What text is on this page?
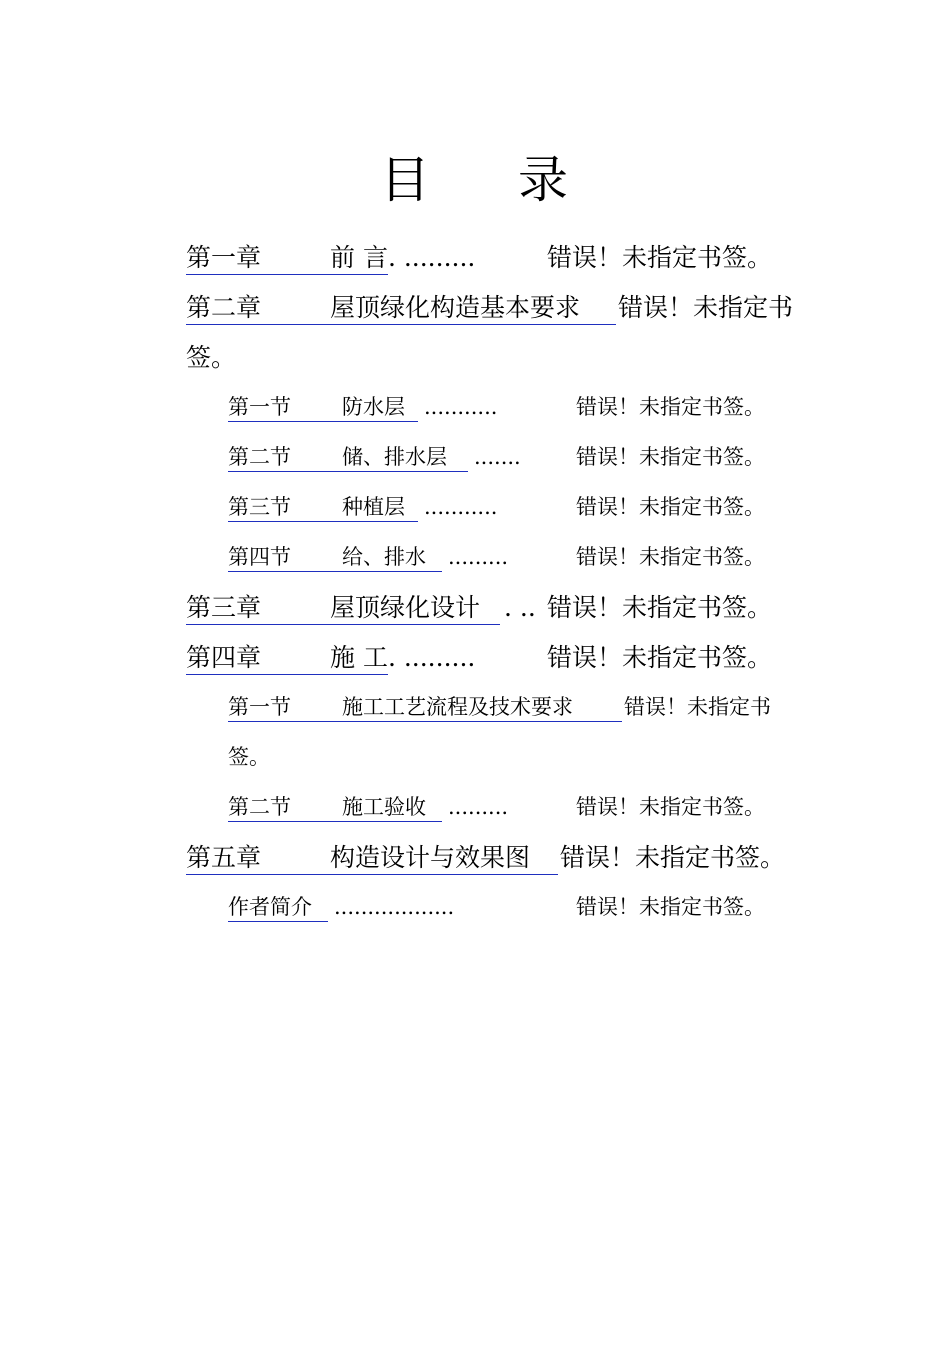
目 录
第一章	前 言. .........	错误！未指定书签。
第二章	屋顶绿化构造基本要求	错误！未指定书
签。
第一节 防水层 ...........	错误！未指定书签。
第二节 储、排水层 .......	错误！未指定书签。
第三节 种植层 ...........	错误！未指定书签。
第四节 给、排水 .........	错误！未指定书签。
第三章	屋顶绿化设计 . .. 错误！未指定书签。
第四章	施 工. .........	错误！未指定书签。
第一节 施工工艺流程及技术要求	错误！未指定书
签。
第二节 施工验收 .........	错误！未指定书签。
第五章	构造设计与效果图	错误！未指定书签。
作者简介 ..................	错误！未指定书签。
